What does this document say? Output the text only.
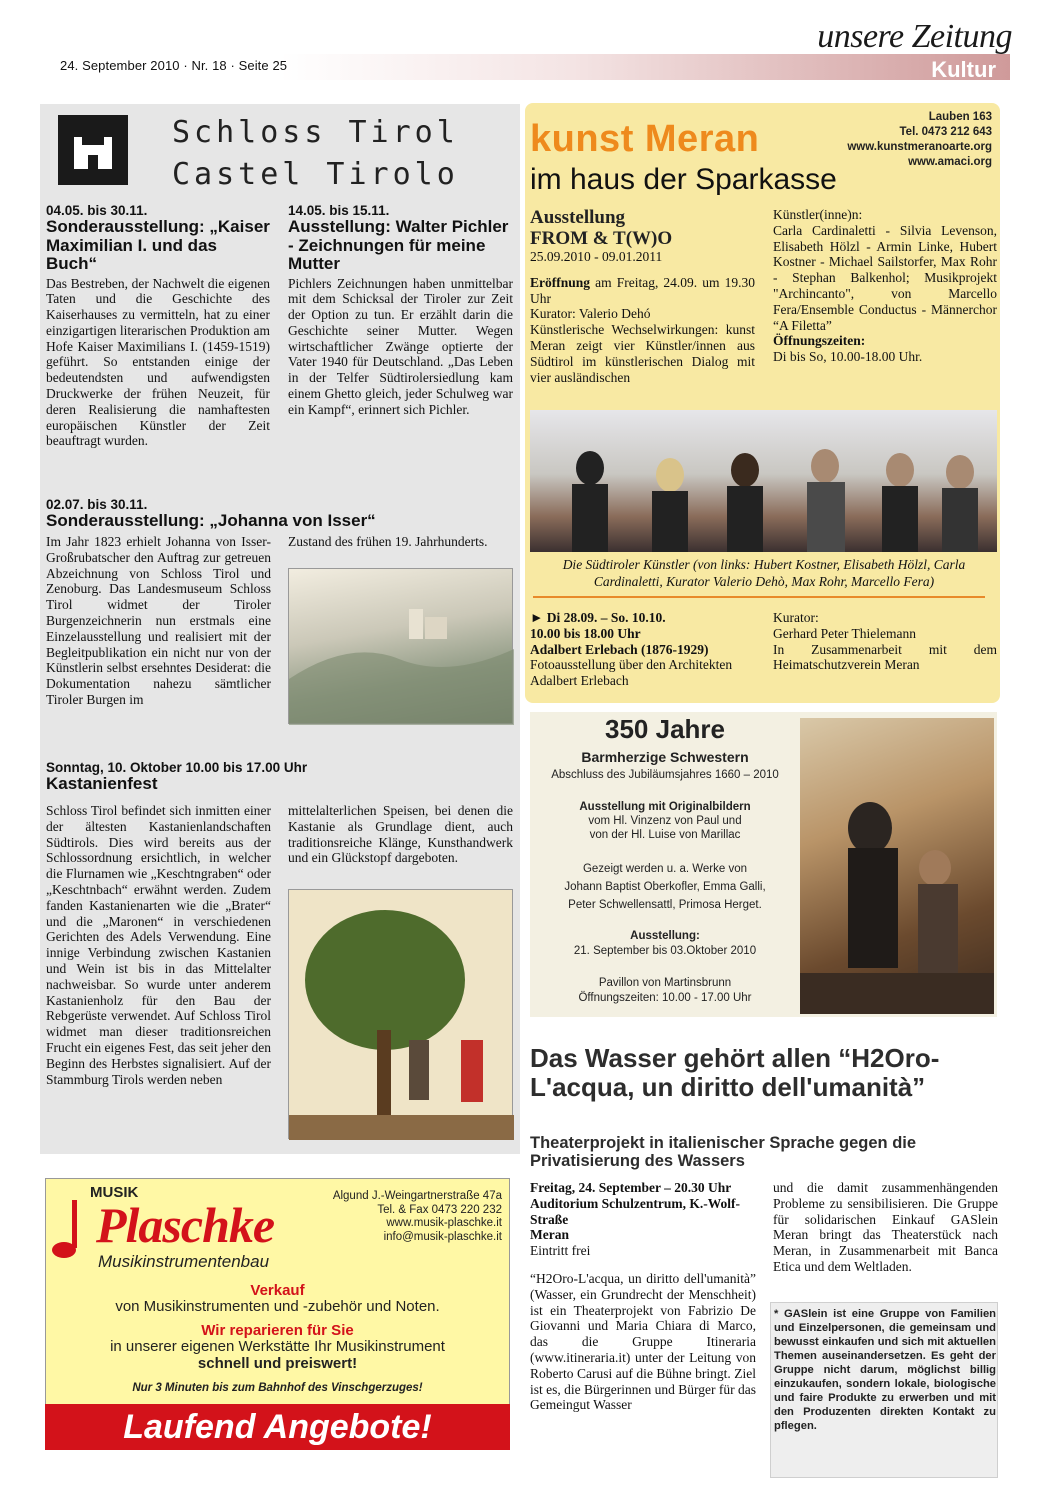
24. September 2010 · Nr. 18 · Seite 25
unsere Zeitung
Kultur
Schloss Tirol
Castel Tirolo
04.05. bis 30.11.
Sonderausstellung: „Kaiser Maximilian I. und das Buch“
Das Bestreben, der Nachwelt die eigenen Taten und die Geschichte des Kaiserhauses zu vermitteln, hat zu einer einzigartigen literarischen Produktion am Hofe Kaiser Maximilians I. (1459-1519) geführt. So entstanden einige der bedeutendsten und aufwendigsten Druckwerke der frühen Neuzeit, für deren Realisierung die namhaftesten europäischen Künstler der Zeit beauftragt wurden.
14.05. bis 15.11.
Ausstellung: Walter Pichler - Zeichnungen für meine Mutter
Pichlers Zeichnungen haben unmittelbar mit dem Schicksal der Tiroler zur Zeit der Option zu tun. Er erzählt darin die Geschichte seiner Mutter. Wegen wirtschaftlicher Zwänge optierte der Vater 1940 für Deutschland. „Das Leben in der Telfer Südtirolersiedlung kam einem Ghetto gleich, jeder Schulweg war ein Kampf“, erinnert sich Pichler.
02.07. bis 30.11.
Sonderausstellung: „Johanna von Isser“
Im Jahr 1823 erhielt Johanna von Isser-Großrubatscher den Auftrag zur getreuen Abzeichnung von Schloss Tirol und Zenoburg. Das Landesmuseum Schloss Tirol widmet der Tiroler Burgenzeichnerin nun erstmals eine Einzelausstellung und realisiert mit der Begleitpublikation ein nicht nur von der Künstlerin selbst ersehntes Desiderat: die Dokumentation nahezu sämtlicher Tiroler Burgen im
Zustand des frühen 19. Jahrhunderts.
Sonntag, 10. Oktober 10.00 bis 17.00 Uhr
Kastanienfest
Schloss Tirol befindet sich inmitten einer der ältesten Kastanienlandschaften Südtirols. Dies wird bereits aus der Schlossordnung ersichtlich, in welcher die Flurnamen wie „Keschtngraben“ oder „Keschtnbach“ erwähnt werden. Zudem fanden Kastanienarten wie die „Brater“ und die „Maronen“ in verschiedenen Gerichten des Adels Verwendung. Eine innige Verbindung zwischen Kastanien und Wein ist bis in das Mittelalter nachweisbar. So wurde unter anderem Kastanienholz für den Bau der Rebgerüste verwendet. Auf Schloss Tirol widmet man dieser traditionsreichen Frucht ein eigenes Fest, das seit jeher den Beginn des Herbstes signalisiert. Auf der Stammburg Tirols werden neben
mittelalterlichen Speisen, bei denen die Kastanie als Grundlage dient, auch traditionsreiche Klänge, Kunsthandwerk und ein Glückstopf dargeboten.
kunst Meran
im haus der Sparkasse
Lauben 163
Tel. 0473 212 643
www.kunstmeranoarte.org
www.amaci.org
Ausstellung
FROM & T(W)O
25.09.2010 - 09.01.2011
Eröffnung am Freitag, 24.09. um 19.30 Uhr
Kurator: Valerio Dehó
Künstlerische Wechselwirkungen: kunst Meran zeigt vier Künstler/innen aus Südtirol im künstlerischen Dialog mit vier ausländischen
Künstler(inne)n:
Carla Cardinaletti - Silvia Levenson, Elisabeth Hölzl - Armin Linke, Hubert Kostner - Michael Sailstorfer, Max Rohr - Stephan Balkenhol; Musikprojekt "Archincanto", von Marcello Fera/Ensemble Conductus - Männerchor “A Filetta”
Öffnungszeiten:
Di bis So, 10.00-18.00 Uhr.
Die Südtiroler Künstler (von links: Hubert Kostner, Elisabeth Hölzl, Carla Cardinaletti, Kurator Valerio Dehò, Max Rohr, Marcello Fera)
► Di 28.09. – So. 10.10.
10.00 bis 18.00 Uhr
Adalbert Erlebach (1876-1929)
Fotoausstellung über den Architekten Adalbert Erlebach
Kurator:
Gerhard Peter Thielemann
In Zusammenarbeit mit dem Heimatschutzverein Meran
350 Jahre
Barmherzige Schwestern
Abschluss des Jubiläumsjahres 1660 – 2010
Ausstellung mit Originalbildern
vom Hl. Vinzenz von Paul und
von der Hl. Luise von Marillac
Gezeigt werden u. a. Werke von
Johann Baptist Oberkofler, Emma Galli,
Peter Schwellensattl, Primosa Herget.
Ausstellung:
21. September bis 03.Oktober 2010
Pavillon von Martinsbrunn
Öffnungszeiten: 10.00 - 17.00 Uhr
Das Wasser gehört allen “H2Oro-L'acqua, un diritto dell'umanità”
Theaterprojekt in italienischer Sprache gegen die Privatisierung des Wassers
Freitag, 24. September – 20.30 Uhr
Auditorium Schulzentrum, K.-Wolf-Straße
Meran
Eintritt frei
“H2Oro-L'acqua, un diritto dell'umanità” (Wasser, ein Grundrecht der Menschheit) ist ein Theaterprojekt von Fabrizio De Giovanni und Maria Chiara di Marco, das die Gruppe Itineraria (www.itineraria.it) unter der Leitung von Roberto Carusi auf die Bühne bringt. Ziel ist es, die Bürgerinnen und Bürger für das Gemeingut Wasser
und die damit zusammenhängenden Probleme zu sensibilisieren. Die Gruppe für solidarischen Einkauf GASlein Meran bringt das Theaterstück nach Meran, in Zusammenarbeit mit Banca Etica und dem Weltladen.
* GASlein ist eine Gruppe von Familien und Einzelpersonen, die gemeinsam und bewusst einkaufen und sich mit aktuellen Themen auseinandersetzen. Es geht der Gruppe nicht darum, möglichst billig einzukaufen, sondern lokale, biologische und faire Produkte zu erwerben und mit den Produzenten direkten Kontakt zu pflegen.
MUSIK
Plaschke
Musikinstrumentenbau
Algund J.-Weingartnerstraße 47a
Tel. & Fax 0473 220 232
www.musik-plaschke.it
info@musik-plaschke.it
Verkauf
von Musikinstrumenten und -zubehör und Noten.
Wir reparieren für Sie
in unserer eigenen Werkstätte Ihr Musikinstrument
schnell und preiswert!
Nur 3 Minuten bis zum Bahnhof des Vinschgerzuges!
Laufend Angebote!
